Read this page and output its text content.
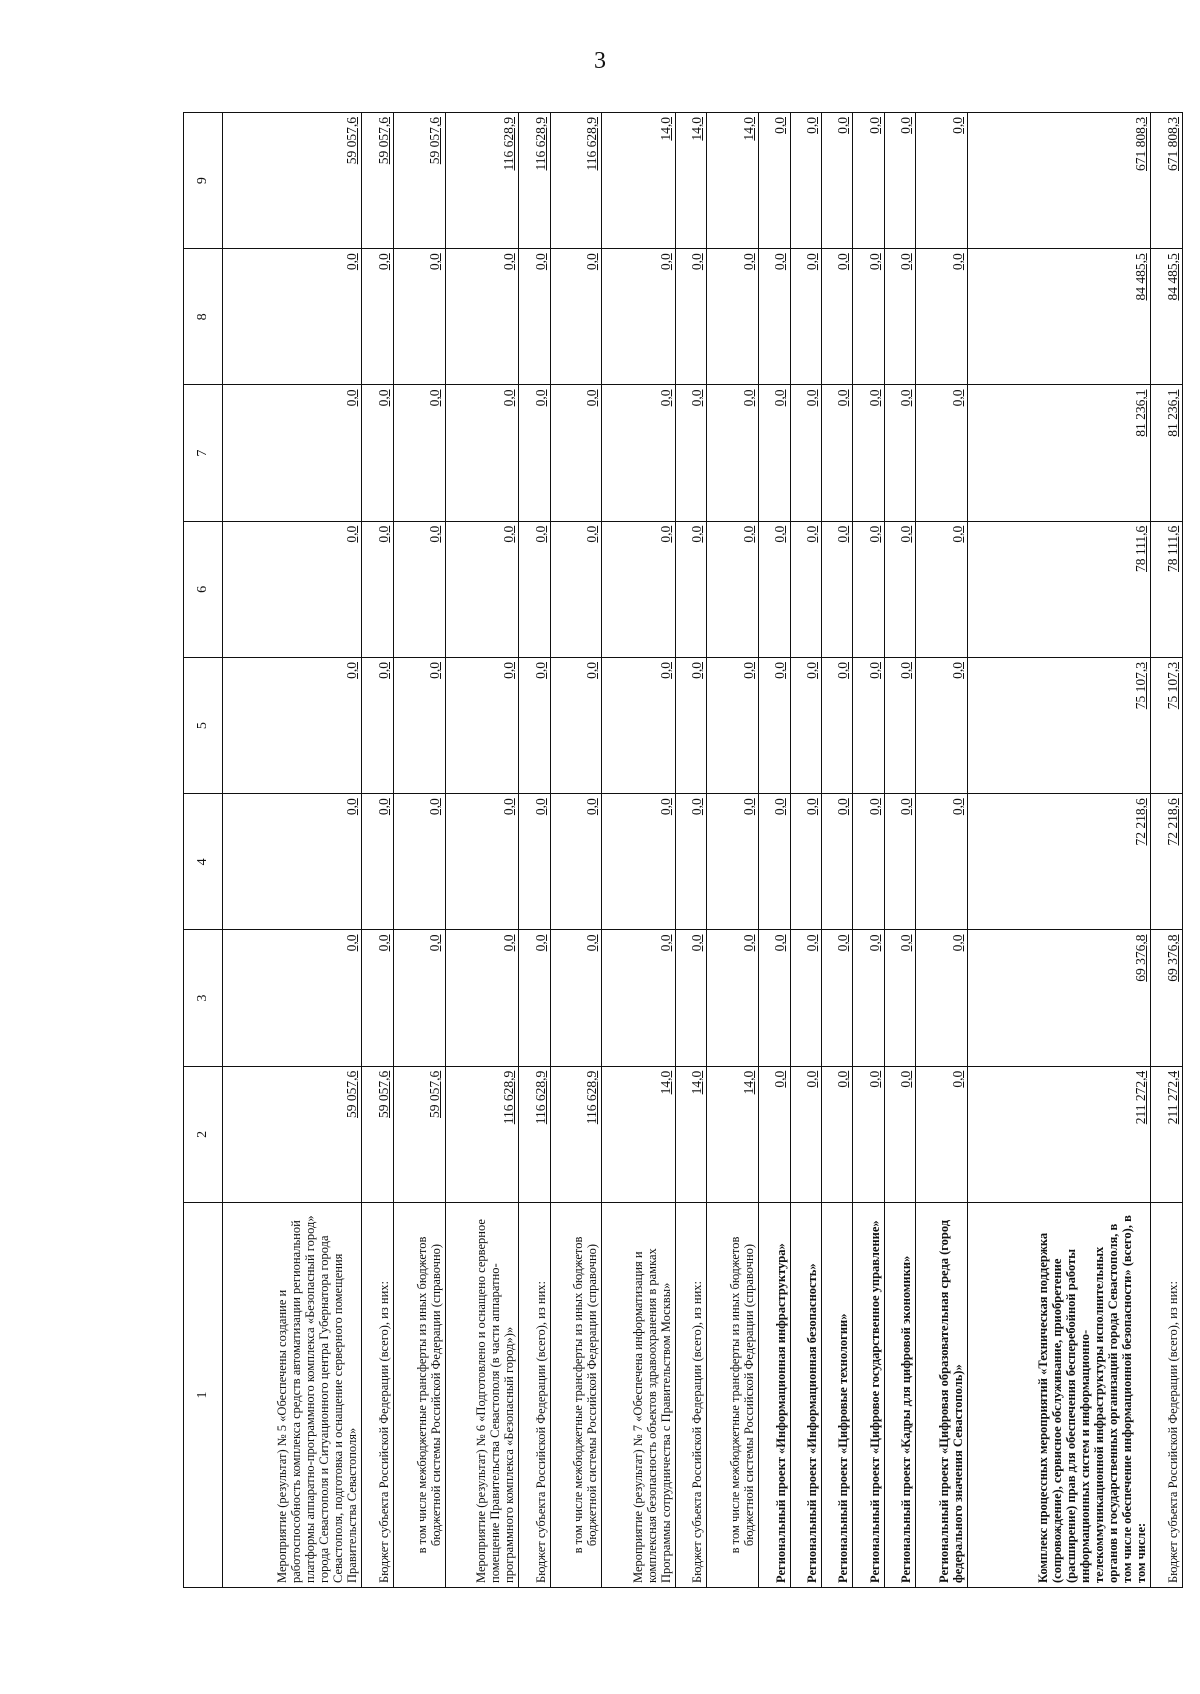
3
1	2	3	4	5	6	7	8	9
Мероприятие (результат) № 5 «Обеспечены создание и работоспособность комплекса средств автоматизации региональной платформы аппаратно-программного комплекса «Безопасный город» города Севастополя и Ситуационного центра Губернатора города Севастополя, подготовка и оснащение серверного помещения Правительства Севастополя»	59 057,6	0,0	0,0	0,0	0,0	0,0	0,0	59 057,6
Бюджет субъекта Российской Федерации (всего), из них:	59 057,6	0,0	0,0	0,0	0,0	0,0	0,0	59 057,6
в том числе межбюджетные трансферты из иных бюджетов бюджетной системы Российской Федерации (справочно)	59 057,6	0,0	0,0	0,0	0,0	0,0	0,0	59 057,6
Мероприятие (результат) № 6 «Подготовлено и оснащено серверное помещение Правительства Севастополя (в части аппаратно-программного комплекса «Безопасный город»)»	116 628,9	0,0	0,0	0,0	0,0	0,0	0,0	116 628,9
Бюджет субъекта Российской Федерации (всего), из них:	116 628,9	0,0	0,0	0,0	0,0	0,0	0,0	116 628,9
в том числе межбюджетные трансферты из иных бюджетов бюджетной системы Российской Федерации (справочно)	116 628,9	0,0	0,0	0,0	0,0	0,0	0,0	116 628,9
Мероприятие (результат) № 7 «Обеспечена информатизация и комплексная безопасность объектов здравоохранения в рамках Программы сотрудничества с Правительством Москвы»	14,0	0,0	0,0	0,0	0,0	0,0	0,0	14,0
Бюджет субъекта Российской Федерации (всего), из них:	14,0	0,0	0,0	0,0	0,0	0,0	0,0	14,0
в том числе межбюджетные трансферты из иных бюджетов бюджетной системы Российской Федерации (справочно)	14,0	0,0	0,0	0,0	0,0	0,0	0,0	14,0
Региональный проект «Информационная инфраструктура»	0,0	0,0	0,0	0,0	0,0	0,0	0,0	0,0
Региональный проект «Информационная безопасность»	0,0	0,0	0,0	0,0	0,0	0,0	0,0	0,0
Региональный проект «Цифровые технологии»	0,0	0,0	0,0	0,0	0,0	0,0	0,0	0,0
Региональный проект «Цифровое государственное управление»	0,0	0,0	0,0	0,0	0,0	0,0	0,0	0,0
Региональный проект «Кадры для цифровой экономики»	0,0	0,0	0,0	0,0	0,0	0,0	0,0	0,0
Региональный проект «Цифровая образовательная среда (город федерального значения Севастополь)»	0,0	0,0	0,0	0,0	0,0	0,0	0,0	0,0
Комплекс процессных мероприятий «Техническая поддержка (сопровождение), сервисное обслуживание, приобретение (расширение) прав для обеспечения бесперебойной работы информационных систем и информационно-телекоммуникационной инфраструктуры исполнительных органов и государственных организаций города Севастополя, в том числе обеспечение информационной безопасности» (всего), в том числе:	211 272,4	69 376,8	72 218,6	75 107,3	78 111,6	81 236,1	84 485,5	671 808,3
Бюджет субъекта Российской Федерации (всего), из них:	211 272,4	69 376,8	72 218,6	75 107,3	78 111,6	81 236,1	84 485,5	671 808,3
